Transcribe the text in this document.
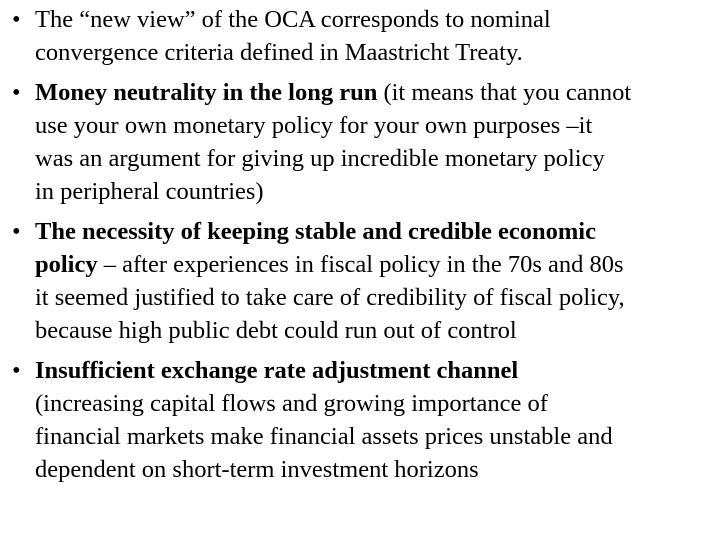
• The “new view” of the OCA corresponds to nominal
convergence criteria defined in Maastricht Treaty.
• Money neutrality in the long run (it means that you cannot
use your own monetary policy for your own purposes –it
was an argument for giving up incredible monetary policy
in peripheral countries)
• The necessity of keeping stable and credible economic
policy – after experiences in fiscal policy in the 70s and 80s
it seemed justified to take care of credibility of fiscal policy,
because high public debt could run out of control
• Insufficient exchange rate adjustment channel
(increasing capital flows and growing importance of
financial markets make financial assets prices unstable and
dependent on short-term investment horizons
